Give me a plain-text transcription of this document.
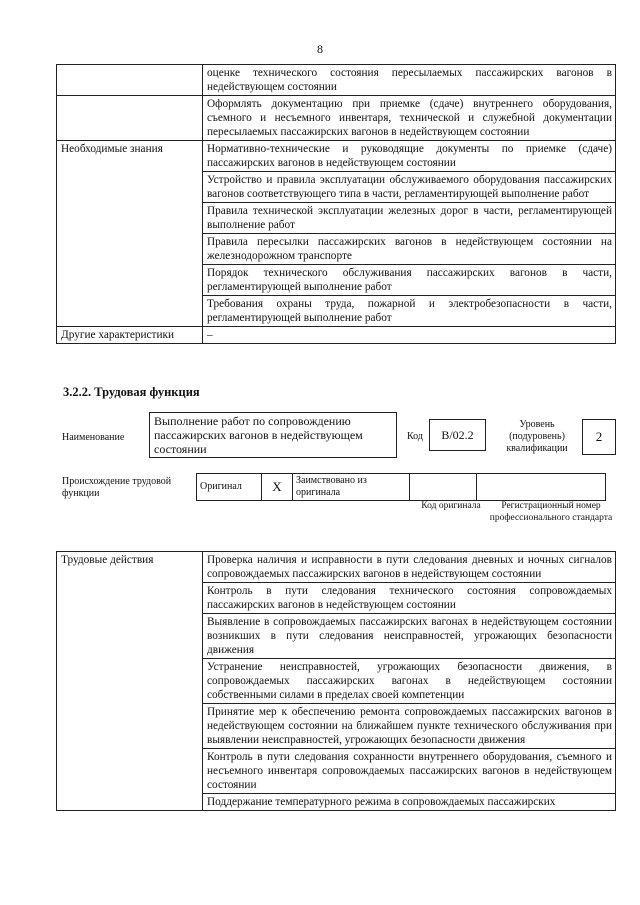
8
	оценке технического состояния пересылаемых пассажирских вагонов в недействующем состоянии
	Оформлять документацию при приемке (сдаче) внутреннего оборудования, съемного и несъемного инвентаря, технической и служебной документации пересылаемых пассажирских вагонов в недействующем состоянии
Необходимые знания	Нормативно-технические и руководящие документы по приемке (сдаче) пассажирских вагонов в недействующем состоянии
	Устройство и правила эксплуатации обслуживаемого оборудования пассажирских вагонов соответствующего типа в части, регламентирующей выполнение работ
	Правила технической эксплуатации железных дорог в части, регламентирующей выполнение работ
	Правила пересылки пассажирских вагонов в недействующем состоянии на железнодорожном транспорте
	Порядок технического обслуживания пассажирских вагонов в части, регламентирующей выполнение работ
	Требования охраны труда, пожарной и электробезопасности в части, регламентирующей выполнение работ
Другие характеристики	–
3.2.2. Трудовая функция
Наименование
Выполнение работ по сопровождению пассажирских вагонов в недействующем состоянии
Код	В/02.2
Уровень (подуровень) квалификации
2
Происхождение трудовой функции
Оригинал	X	Заимствовано из оригинала		
Код оригинала	Регистрационный номер профессионального стандарта
Трудовые действия	Проверка наличия и исправности в пути следования дневных и ночных сигналов сопровождаемых пассажирских вагонов в недействующем состоянии
Контроль в пути следования технического состояния сопровождаемых пассажирских вагонов в недействующем состоянии
Выявление в сопровождаемых пассажирских вагонах в недействующем состоянии возникших в пути следования неисправностей, угрожающих безопасности движения
Устранение неисправностей, угрожающих безопасности движения, в сопровождаемых пассажирских вагонах в недействующем состоянии собственными силами в пределах своей компетенции
Принятие мер к обеспечению ремонта сопровождаемых пассажирских вагонов в недействующем состоянии на ближайшем пункте технического обслуживания при выявлении неисправностей, угрожающих безопасности движения
Контроль в пути следования сохранности внутреннего оборудования, съемного и несъемного инвентаря сопровождаемых пассажирских вагонов в недействующем состоянии
Поддержание температурного режима в сопровождаемых пассажирских
